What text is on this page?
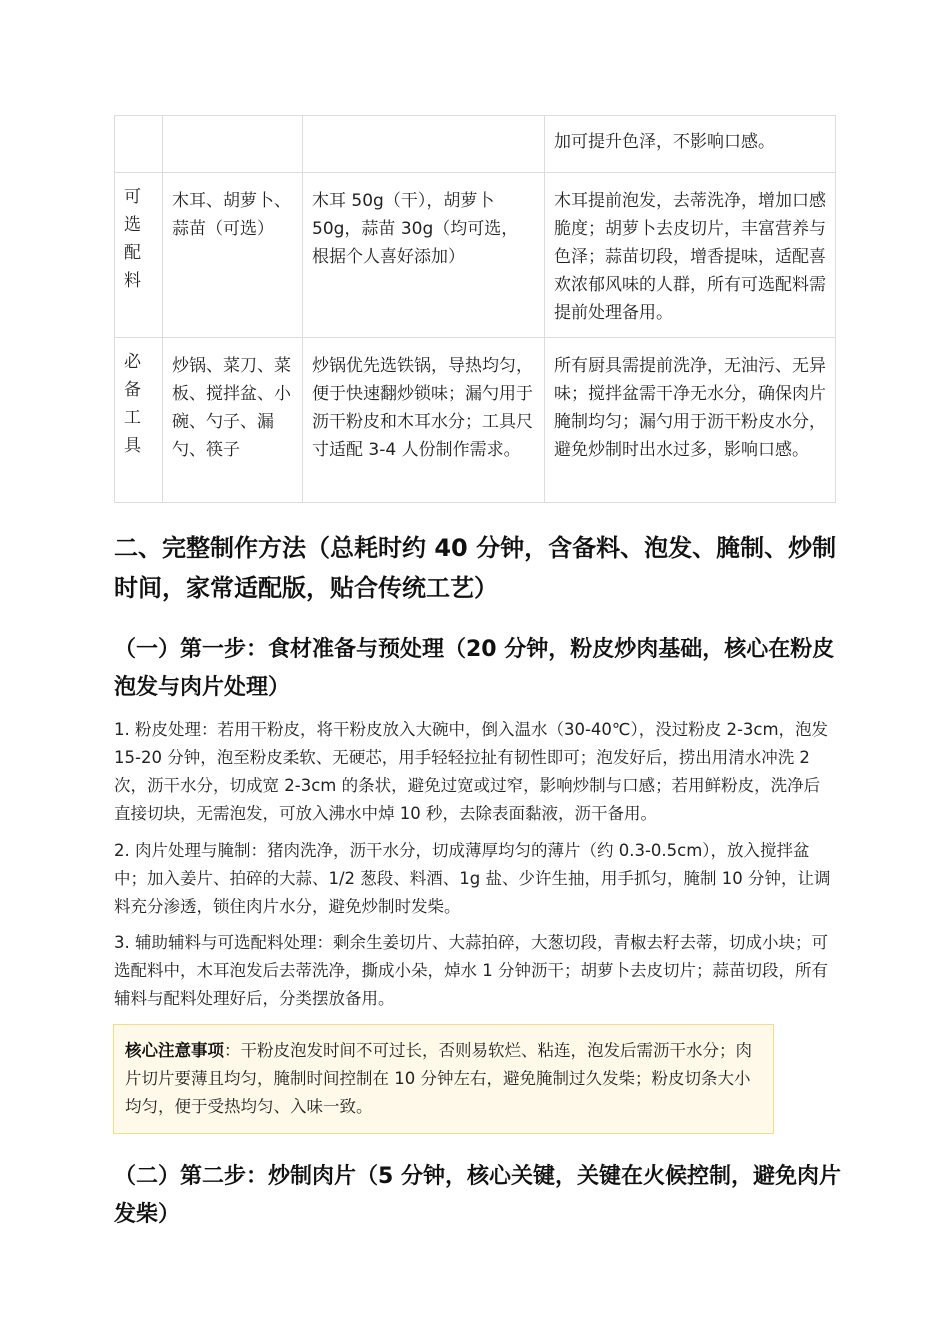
			加可提升色泽，不影响口感。
可选配料	木耳、胡萝卜、蒜苗（可选）	木耳 50g（干），胡萝卜 50g，蒜苗 30g（均可选，根据个人喜好添加）	木耳提前泡发，去蒂洗净，增加口感脆度；胡萝卜去皮切片，丰富营养与色泽；蒜苗切段，增香提味，适配喜欢浓郁风味的人群，所有可选配料需提前处理备用。
必备工具	炒锅、菜刀、菜板、搅拌盆、小碗、勺子、漏勺、筷子	炒锅优先选铁锅，导热均匀，便于快速翻炒锁味；漏勺用于沥干粉皮和木耳水分；工具尺寸适配 3-4 人份制作需求。	所有厨具需提前洗净，无油污、无异味；搅拌盆需干净无水分，确保肉片腌制均匀；漏勺用于沥干粉皮水分，避免炒制时出水过多，影响口感。
二、完整制作方法（总耗时约 40 分钟，含备料、泡发、腌制、炒制时间，家常适配版，贴合传统工艺）
（一）第一步：食材准备与预处理（20 分钟，粉皮炒肉基础，核心在粉皮泡发与肉片处理）

1. 粉皮处理：若用干粉皮，将干粉皮放入大碗中，倒入温水（30-40℃），没过粉皮 2-3cm，泡发 15-20 分钟，泡至粉皮柔软、无硬芯，用手轻轻拉扯有韧性即可；泡发好后，捞出用清水冲洗 2 次，沥干水分，切成宽 2-3cm 的条状，避免过宽或过窄，影响炒制与口感；若用鲜粉皮，洗净后直接切块，无需泡发，可放入沸水中焯 10 秒，去除表面黏液，沥干备用。

2. 肉片处理与腌制：猪肉洗净，沥干水分，切成薄厚均匀的薄片（约 0.3-0.5cm），放入搅拌盆中；加入姜片、拍碎的大蒜、1/2 葱段、料酒、1g 盐、少许生抽，用手抓匀，腌制 10 分钟，让调料充分渗透，锁住肉片水分，避免炒制时发柴。

3. 辅助辅料与可选配料处理：剩余生姜切片、大蒜拍碎，大葱切段，青椒去籽去蒂，切成小块；可选配料中，木耳泡发后去蒂洗净，撕成小朵，焯水 1 分钟沥干；胡萝卜去皮切片；蒜苗切段，所有辅料与配料处理好后，分类摆放备用。

核心注意事项：干粉皮泡发时间不可过长，否则易软烂、粘连，泡发后需沥干水分；肉片切片要薄且均匀，腌制时间控制在 10 分钟左右，避免腌制过久发柴；粉皮切条大小均匀，便于受热均匀、入味一致。
（二）第二步：炒制肉片（5 分钟，核心关键，关键在火候控制，避免肉片发柴）
